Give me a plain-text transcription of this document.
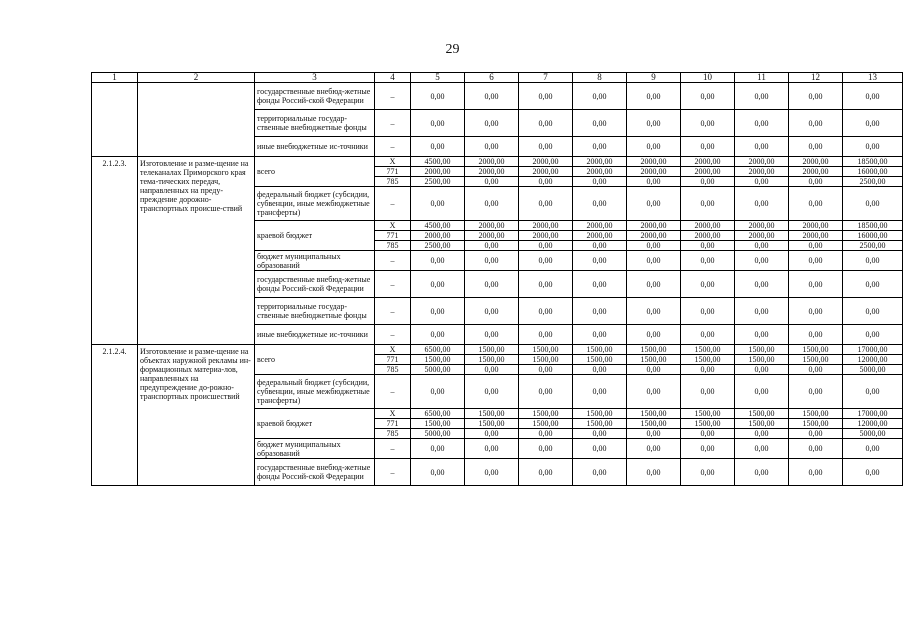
29
1	2	3	4	5	6	7	8	9	10	11	12	13
		государственные внебюд-жетные фонды Россий-ской Федерации	–	0,00	0,00	0,00	0,00	0,00	0,00	0,00	0,00	0,00
		территориальные государ-ственные внебюджетные фонды	–	0,00	0,00	0,00	0,00	0,00	0,00	0,00	0,00	0,00
		иные внебюджетные ис-точники	–	0,00	0,00	0,00	0,00	0,00	0,00	0,00	0,00	0,00
2.1.2.3.	Изготовление и разме-щение на телеканалах Приморского края тема-тических передач, направленных на преду-преждение дорожно-транспортных происше-ствий	всего	X	4500,00	2000,00	2000,00	2000,00	2000,00	2000,00	2000,00	2000,00	18500,00
			771	2000,00	2000,00	2000,00	2000,00	2000,00	2000,00	2000,00	2000,00	16000,00
			785	2500,00	0,00	0,00	0,00	0,00	0,00	0,00	0,00	2500,00
		федеральный бюджет (субсидии, субвенции, иные межбюджетные трансферты)	–	0,00	0,00	0,00	0,00	0,00	0,00	0,00	0,00	0,00
		краевой бюджет	X	4500,00	2000,00	2000,00	2000,00	2000,00	2000,00	2000,00	2000,00	18500,00
			771	2000,00	2000,00	2000,00	2000,00	2000,00	2000,00	2000,00	2000,00	16000,00
			785	2500,00	0,00	0,00	0,00	0,00	0,00	0,00	0,00	2500,00
		бюджет муниципальных образований	–	0,00	0,00	0,00	0,00	0,00	0,00	0,00	0,00	0,00
		государственные внебюд-жетные фонды Россий-ской Федерации	–	0,00	0,00	0,00	0,00	0,00	0,00	0,00	0,00	0,00
		территориальные государ-ственные внебюджетные фонды	–	0,00	0,00	0,00	0,00	0,00	0,00	0,00	0,00	0,00
		иные внебюджетные ис-точники	–	0,00	0,00	0,00	0,00	0,00	0,00	0,00	0,00	0,00
2.1.2.4.	Изготовление и разме-щение на объектах наружной рекламы ин-формационных материа-лов, направленных на предупреждение до-рожно-транспортных происшествий	всего	X	6500,00	1500,00	1500,00	1500,00	1500,00	1500,00	1500,00	1500,00	17000,00
			771	1500,00	1500,00	1500,00	1500,00	1500,00	1500,00	1500,00	1500,00	12000,00
			785	5000,00	0,00	0,00	0,00	0,00	0,00	0,00	0,00	5000,00
		федеральный бюджет (субсидии, субвенции, иные межбюджетные трансферты)	–	0,00	0,00	0,00	0,00	0,00	0,00	0,00	0,00	0,00
		краевой бюджет	X	6500,00	1500,00	1500,00	1500,00	1500,00	1500,00	1500,00	1500,00	17000,00
			771	1500,00	1500,00	1500,00	1500,00	1500,00	1500,00	1500,00	1500,00	12000,00
			785	5000,00	0,00	0,00	0,00	0,00	0,00	0,00	0,00	5000,00
		бюджет муниципальных образований	–	0,00	0,00	0,00	0,00	0,00	0,00	0,00	0,00	0,00
		государственные внебюд-жетные фонды Россий-ской Федерации	–	0,00	0,00	0,00	0,00	0,00	0,00	0,00	0,00	0,00
